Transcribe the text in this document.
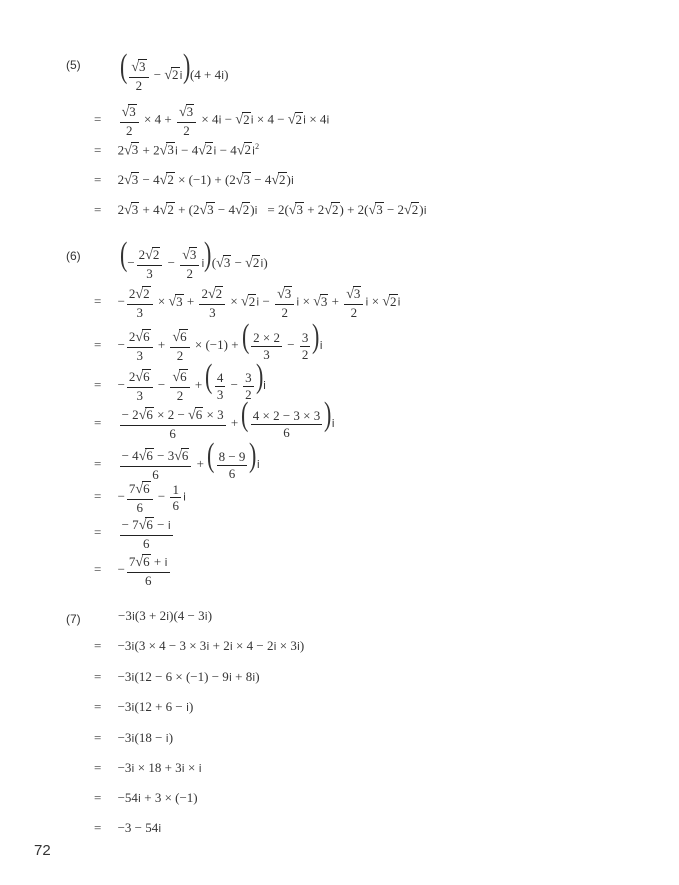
(5) ( $\frac{√3}{2} - √2i)(4 + 4i)$
= $\frac{√3}{2} \times 4 + \frac{√3}{2} \times 4i - √2i \times 4 - √2i \times 4i$
=     $2√3 + 2√3i - 4√2i - 4√2i^2$
=     2√3 − 4√2 × (−1) + (2√3 − 4√2)i
=     2√3 + 4√2 + (2√3 − 4√2)i   = 2(√3 + 2√2) + 2(√3 − 2√2)i
(6) (− $\frac{2√2}{3} - \frac{√3}{2} i)(√3 - √2i)$
=     − $\frac{2√2}{3} \times √3 + \frac{2√2}{3} \times √2i - \frac{√3}{2}$ $i \times √3 + \frac{√3}{2}$ i × √2i
=     − $\frac{2√6}{3} + \frac{√6}{2} \times (-1)$ + ( $\frac{2 \times 2}{3} - \frac{3}{2} )i$
=     − $\frac{2√6}{3} - \frac{√6}{2}$ + ( $\frac{4}{3} - \frac{3}{2} )i$
= $\frac{- 2√6 \times 2 - √6 \times 3}{6}$ + ( $\frac{4 \times 2 - 3 \times 3}{6} )i$
= $\frac{- 4√6 - 3√6}{6}$ + ( $\frac{8 - 9}{6} )i$
=     − $\frac{7√6}{6} - \frac{1}{6}$ i
= $\frac{- 7√6 - i}{6}$
=     − $\frac{7√6 + i}{6}$
(7)	−3i(3 + 2i)(4 − 3i)
=     −3i(3 × 4 − 3 × 3i + 2i × 4 − 2i × 3i)
=     −3i(12 − 6 × (−1) − 9i + 8i)
=     −3i(12 + 6 − i)
=     −3i(18 − i)
=     −3i × 18 + 3i × i
=     −54i + 3 × (−1)
=     −3 − 54i
72
